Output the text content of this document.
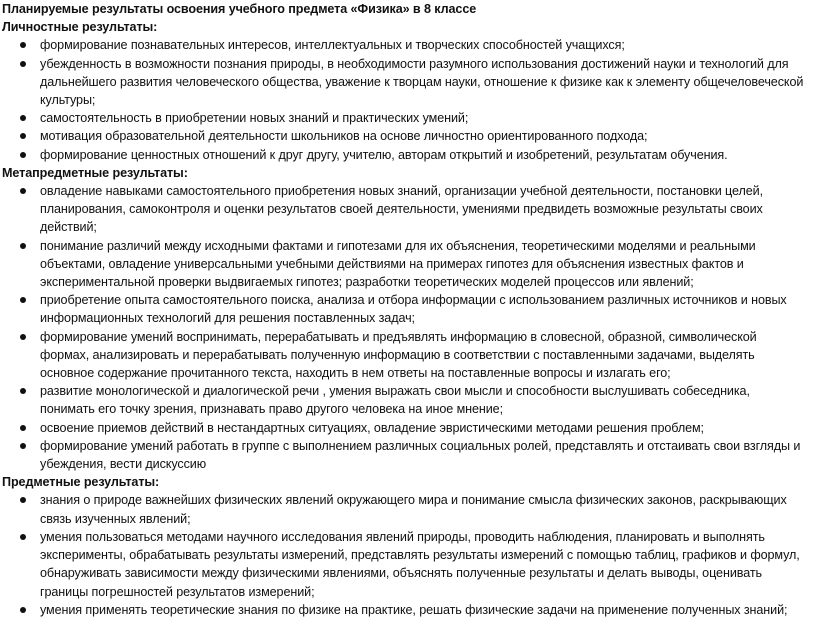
Планируемые результаты освоения учебного предмета «Физика» в 8 классе
Личностные результаты:
формирование познавательных интересов, интеллектуальных и творческих способностей учащихся;
убежденность в возможности познания природы, в необходимости разумного использования достижений науки и технологий для дальнейшего развития человеческого общества, уважение к творцам науки, отношение к физике как к элементу общечеловеческой культуры;
самостоятельность в приобретении новых знаний и практических умений;
мотивация образовательной деятельности школьников на основе личностно ориентированного подхода;
формирование ценностных отношений к друг другу, учителю, авторам открытий и изобретений, результатам обучения.
Метапредметные результаты:
овладение навыками самостоятельного приобретения новых знаний, организации учебной деятельности, постановки целей, планирования, самоконтроля и оценки результатов своей деятельности, умениями предвидеть возможные результаты своих действий;
понимание различий между исходными фактами и гипотезами для их объяснения, теоретическими моделями и реальными объектами, овладение универсальными учебными действиями на примерах гипотез для объяснения известных фактов и экспериментальной проверки выдвигаемых гипотез; разработки теоретических моделей процессов или явлений;
приобретение опыта самостоятельного поиска, анализа и отбора информации с использованием различных источников и новых информационных технологий для решения поставленных задач;
формирование умений воспринимать, перерабатывать и предъявлять информацию в словесной, образной, символической формах, анализировать и перерабатывать полученную информацию в соответствии с поставленными задачами, выделять основное содержание прочитанного текста, находить в нем ответы на поставленные вопросы и излагать его;
развитие монологической и диалогической речи , умения выражать свои мысли и способности выслушивать собеседника, понимать его точку зрения, признавать право другого человека на иное мнение;
освоение приемов действий в нестандартных ситуациях, овладение эвристическими методами решения проблем;
формирование умений работать в группе с выполнением различных социальных ролей, представлять и отстаивать свои взгляды и убеждения, вести дискуссию
Предметные результаты:
знания о природе важнейших физических явлений окружающего мира и понимание смысла физических законов, раскрывающих связь изученных явлений;
умения пользоваться методами научного исследования явлений природы, проводить наблюдения, планировать и выполнять эксперименты, обрабатывать результаты измерений, представлять результаты измерений с помощью таблиц, графиков и формул, обнаруживать зависимости между физическими явлениями, объяснять полученные результаты и делать выводы, оценивать границы погрешностей результатов измерений;
умения применять теоретические знания по физике на практике, решать физические задачи на применение полученных знаний;
